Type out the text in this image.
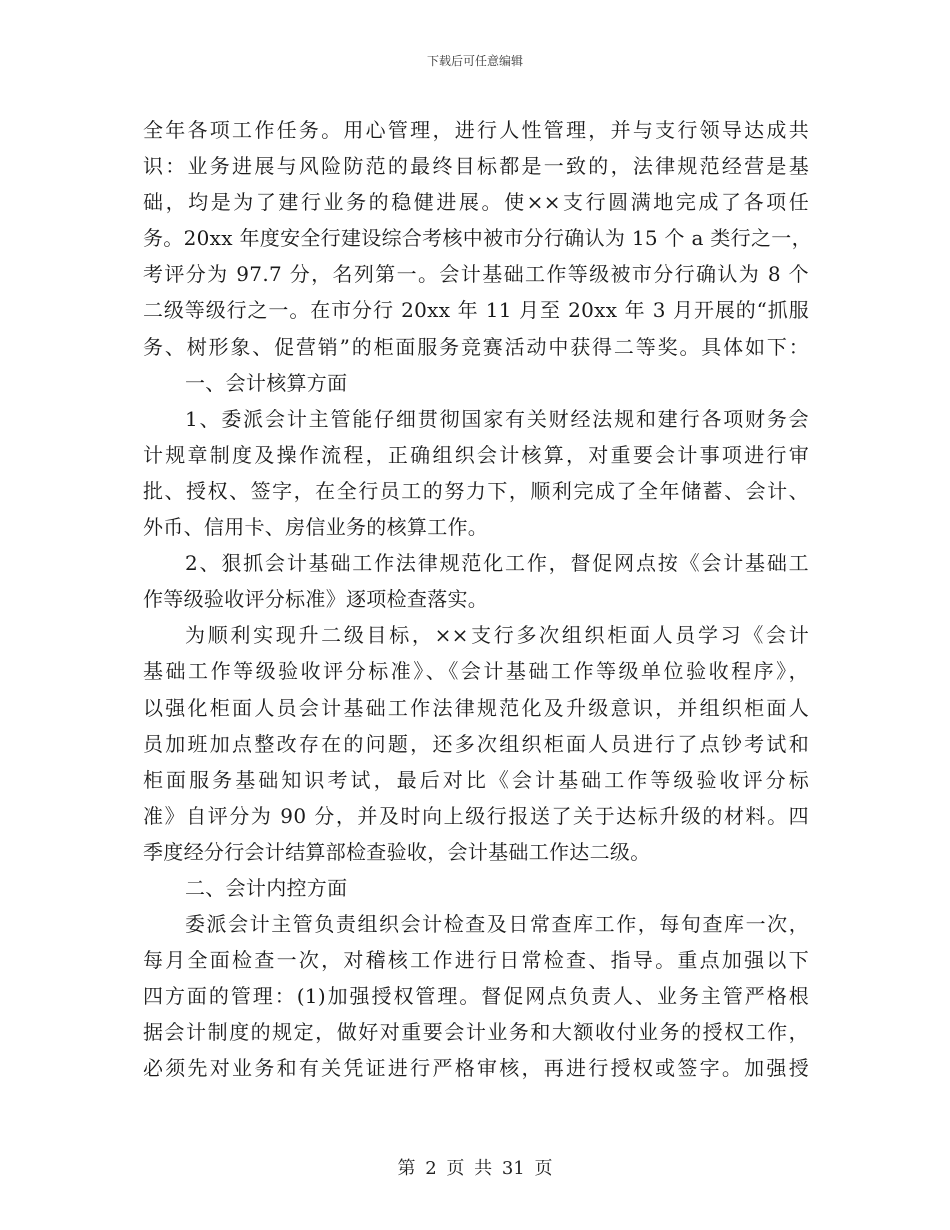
下载后可任意编辑
全年各项工作任务。用心管理，进行人性管理，并与支行领导达成共
识：业务进展与风险防范的最终目标都是一致的，法律规范经营是基
础，均是为了建行业务的稳健进展。使××支行圆满地完成了各项任
务。20xx 年度安全行建设综合考核中被市分行确认为 15 个 a 类行之一，
考评分为 97.7 分，名列第一。会计基础工作等级被市分行确认为 8 个
二级等级行之一。在市分行 20xx 年 11 月至 20xx 年 3 月开展的“抓服
务、树形象、促营销”的柜面服务竞赛活动中获得二等奖。具体如下：
一、会计核算方面
1、委派会计主管能仔细贯彻国家有关财经法规和建行各项财务会
计规章制度及操作流程，正确组织会计核算，对重要会计事项进行审
批、授权、签字，在全行员工的努力下，顺利完成了全年储蓄、会计、
外币、信用卡、房信业务的核算工作。
2、狠抓会计基础工作法律规范化工作，督促网点按《会计基础工
作等级验收评分标准》逐项检查落实。
为顺利实现升二级目标，××支行多次组织柜面人员学习《会计
基础工作等级验收评分标准》、《会计基础工作等级单位验收程序》，
以强化柜面人员会计基础工作法律规范化及升级意识，并组织柜面人
员加班加点整改存在的问题，还多次组织柜面人员进行了点钞考试和
柜面服务基础知识考试，最后对比《会计基础工作等级验收评分标
准》自评分为 90 分，并及时向上级行报送了关于达标升级的材料。四
季度经分行会计结算部检查验收，会计基础工作达二级。
二、会计内控方面
委派会计主管负责组织会计检查及日常查库工作，每旬查库一次，
每月全面检查一次，对稽核工作进行日常检查、指导。重点加强以下
四方面的管理：(1)加强授权管理。督促网点负责人、业务主管严格根
据会计制度的规定，做好对重要会计业务和大额收付业务的授权工作，
必须先对业务和有关凭证进行严格审核，再进行授权或签字。加强授
第 2 页 共 31 页
